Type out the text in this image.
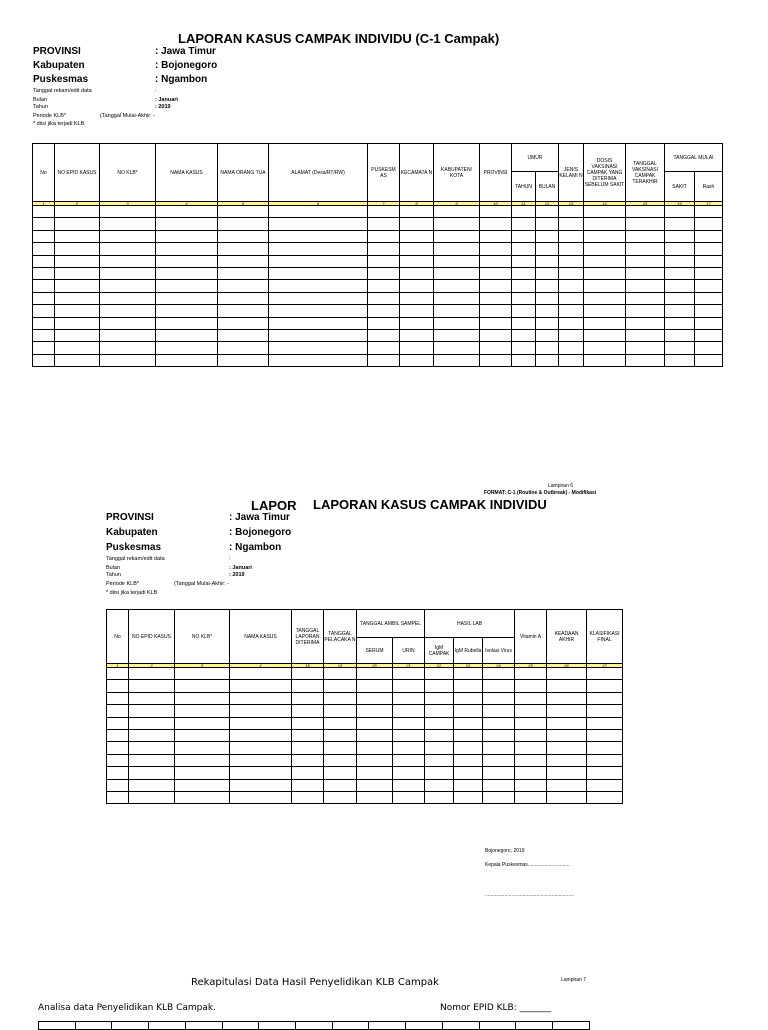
LAPORAN KASUS CAMPAK INDIVIDU (C-1 Campak)
PROVINSI	: Jawa Timur
Kabupaten	: Bojonegoro
Puskesmas	: Ngambon
Tanggal rekam/edit data	:
Bulan	: Januari
Tahun	: 2019
Periode KLB*	(Tanggal Mulai-Akhir: -
* diisi jika terjadi KLB
No	NO EPID KASUS	NO KLB*	NAMA KASUS	NAMA ORANG TUA	ALAMAT (Desa/RT/RW)	PUSKESM AS	KECAMATA N	KABUPATEN/ KOTA	PROVINSI	UMUR		JENIS KELAMI N	DOSIS VAKSINASI CAMPAK YANG DITERIMA SEBELUM SAKIT	TANGGAL VAKSINASI CAMPAK TERAKHIR	TANGGAL MULAI	
										TAHUN	BULAN				SAKIT	Rash
1	2	3	4	5	6	7	8	9	10	11	12	13	14	15	16	17

Lampiran 6
FORMAT: C-1 (Routine & Outbreak) - Modifikasi
LAPOR LAPORAN KASUS CAMPAK INDIVIDU
PROVINSI	: Jawa Timur
Kabupaten	: Bojonegoro
Puskesmas	: Ngambon
Tanggal rekam/edit data	:
Bulan	: Januari
Tahun	: 2019
Periode KLB*	(Tanggal Mulai-Akhir: -
* diisi jika terjadi KLB
No	NO EPID KASUS	NO KLB*	NAMA KASUS	TANGGAL LAPORAN DITERIMA	TANGGAL PELACAKA N	TANGGAL AMBIL SAMPEL		HASIL LAB			Vitamin A	KEADAAN AKHIR	KLASIFIKASI FINAL
						SERUM	URIN	IgM CAMPAK	IgM Rubella	Isolasi Virus			
1	2	3	4	18	19	20	21	22	23	24	25	26	27

Bojonegoro, 2019
Kepala Puskesmas..............................
................................................................
Rekapitulasi Data Hasil Penyelidikan KLB Campak	Lampiran 7
Analisa data Penyelidikan KLB Campak.	Nomor EPID KLB: _______
